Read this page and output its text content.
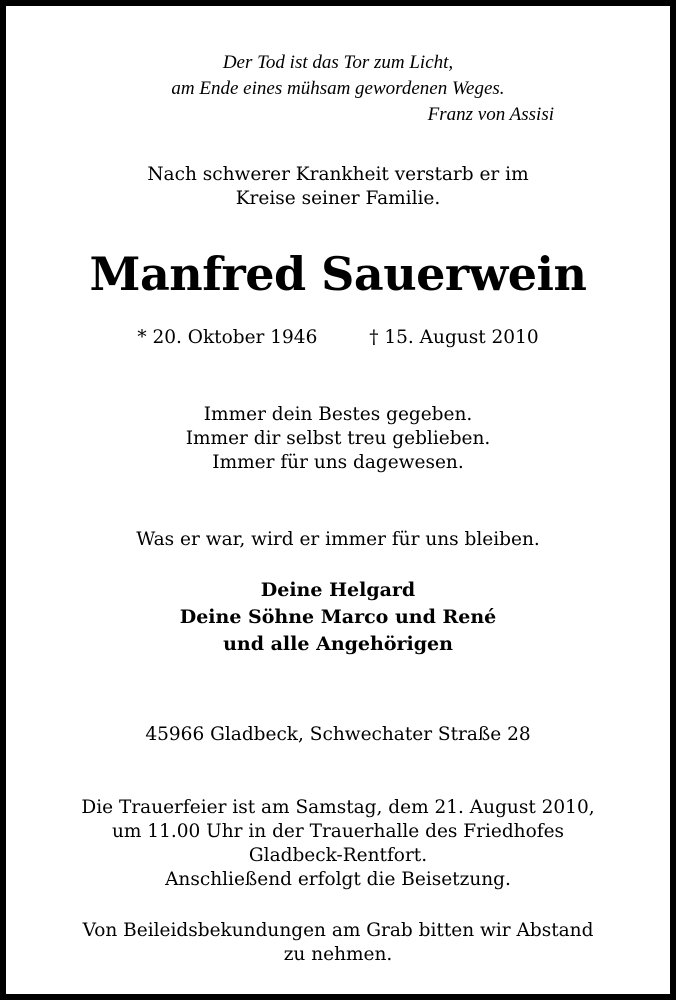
Der Tod ist das Tor zum Licht,
am Ende eines mühsam gewordenen Weges.
Franz von Assisi
Nach schwerer Krankheit verstarb er im
Kreise seiner Familie.
Manfred Sauerwein
* 20. Oktober 1946	† 15. August 2010
Immer dein Bestes gegeben.
Immer dir selbst treu geblieben.
Immer für uns dagewesen.
Was er war, wird er immer für uns bleiben.
Deine Helgard
Deine Söhne Marco und René
und alle Angehörigen
45966 Gladbeck, Schwechater Straße 28
Die Trauerfeier ist am Samstag, dem 21. August 2010,
um 11.00 Uhr in der Trauerhalle des Friedhofes
Gladbeck-Rentfort.
Anschließend erfolgt die Beisetzung.
Von Beileidsbekundungen am Grab bitten wir Abstand
zu nehmen.
